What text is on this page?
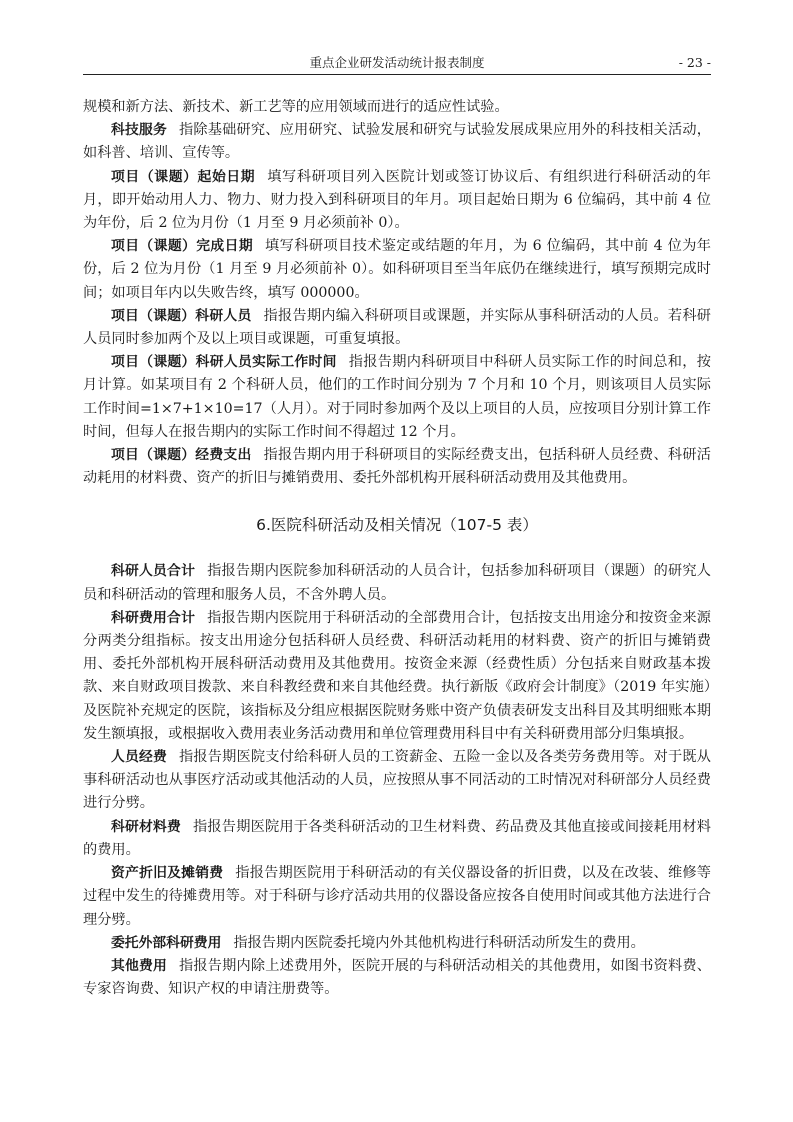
重点企业研发活动统计报表制度	- 23 -

规模和新方法、新技术、新工艺等的应用领域而进行的适应性试验。

科技服务 指除基础研究、应用研究、试验发展和研究与试验发展成果应用外的科技相关活动，如科普、培训、宣传等。

项目（课题）起始日期 填写科研项目列入医院计划或签订协议后、有组织进行科研活动的年月，即开始动用人力、物力、财力投入到科研项目的年月。项目起始日期为 6 位编码，其中前 4 位为年份，后 2 位为月份（1 月至 9 月必须前补 0）。

项目（课题）完成日期 填写科研项目技术鉴定或结题的年月，为 6 位编码，其中前 4 位为年份，后 2 位为月份（1 月至 9 月必须前补 0）。如科研项目至当年底仍在继续进行，填写预期完成时间；如项目年内以失败告终，填写 000000。

项目（课题）科研人员 指报告期内编入科研项目或课题，并实际从事科研活动的人员。若科研人员同时参加两个及以上项目或课题，可重复填报。

项目（课题）科研人员实际工作时间 指报告期内科研项目中科研人员实际工作的时间总和，按月计算。如某项目有 2 个科研人员，他们的工作时间分别为 7 个月和 10 个月，则该项目人员实际工作时间=1×7+1×10=17（人月）。对于同时参加两个及以上项目的人员，应按项目分别计算工作时间，但每人在报告期内的实际工作时间不得超过 12 个月。

项目（课题）经费支出 指报告期内用于科研项目的实际经费支出，包括科研人员经费、科研活动耗用的材料费、资产的折旧与摊销费用、委托外部机构开展科研活动费用及其他费用。

6.医院科研活动及相关情况（107-5 表）

科研人员合计 指报告期内医院参加科研活动的人员合计，包括参加科研项目（课题）的研究人员和科研活动的管理和服务人员，不含外聘人员。

科研费用合计 指报告期内医院用于科研活动的全部费用合计，包括按支出用途分和按资金来源分两类分组指标。按支出用途分包括科研人员经费、科研活动耗用的材料费、资产的折旧与摊销费用、委托外部机构开展科研活动费用及其他费用。按资金来源（经费性质）分包括来自财政基本拨款、来自财政项目拨款、来自科教经费和来自其他经费。执行新版《政府会计制度》（2019 年实施）及医院补充规定的医院，该指标及分组应根据医院财务账中资产负债表研发支出科目及其明细账本期发生额填报，或根据收入费用表业务活动费用和单位管理费用科目中有关科研费用部分归集填报。

人员经费 指报告期医院支付给科研人员的工资薪金、五险一金以及各类劳务费用等。对于既从事科研活动也从事医疗活动或其他活动的人员，应按照从事不同活动的工时情况对科研部分人员经费进行分劈。

科研材料费 指报告期医院用于各类科研活动的卫生材料费、药品费及其他直接或间接耗用材料的费用。

资产折旧及摊销费 指报告期医院用于科研活动的有关仪器设备的折旧费，以及在改装、维修等过程中发生的待摊费用等。对于科研与诊疗活动共用的仪器设备应按各自使用时间或其他方法进行合理分劈。

委托外部科研费用 指报告期内医院委托境内外其他机构进行科研活动所发生的费用。

其他费用 指报告期内除上述费用外，医院开展的与科研活动相关的其他费用，如图书资料费、专家咨询费、知识产权的申请注册费等。
